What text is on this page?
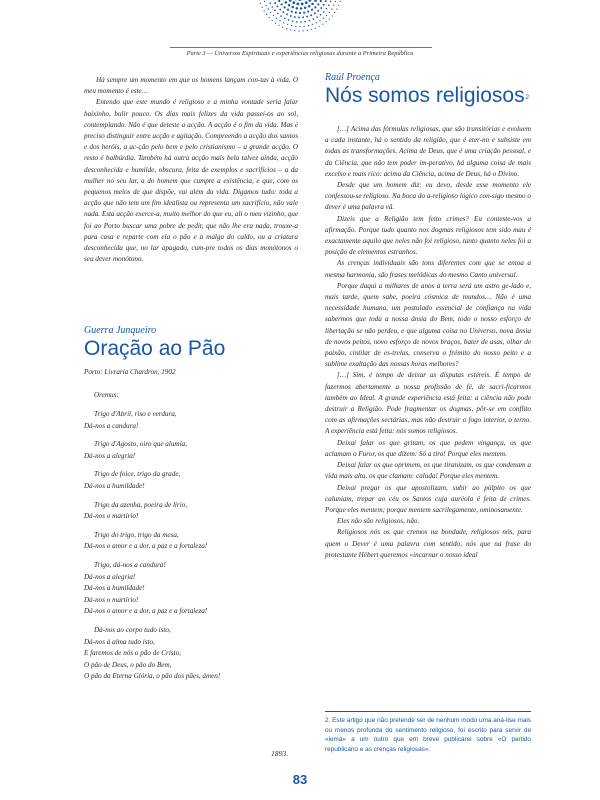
Parte 3 — Universos Espirituais e experiências religiosas durante a Primeira República

Há sempre um momento em que os homens lançam con-tas à vida. O meu momento é este…

Entendo que este mundo é religioso e a minha vontade seria falar baixinho, bulir pouco. Os dias mais felizes da vida passei-os ao sol, contemplando. Não é que deteste a acção. A acção é o fim da vida. Mas é preciso distinguir entre acção e agitação. Compreendo a acção dos santos e dos heróis, a ac-ção pelo bem e pelo cristianismo – a grande acção. O resto é balbúrdia. Também há outra acção mais bela talvez ainda, acção desconhecida e humilde, obscura, feita de exemplos e sacrifícios – a da mulher no seu lar, a do homem que cumpre a existência, e que, com os pequenos meios de que dispõe, vai além da vida. Digamos tudo: toda a acção que não tem um fim idealista ou representa um sacrifício, não vale nada. Esta acção exerce-a, muito melhor do que eu, ali o meu vizinho, que foi ao Porto buscar uma pobre de pedir, que não lhe era nada, trouxe-a para casa e reparte com ela o pão e a malga do caldo, ou a criatura desconhecida que, no lar apagado, cum-pre todos os dias monótonos o seu dever monótono.

Guerra Junqueiro

Oração ao Pão

Porto: Livraria Chardron, 1902

Oremus:
Trigo d'Abril, riso e verdura,
Dá-nos a candura!
Trigo d'Agosto, oiro que alumia,
Dá-nos a alegria!
Trigo de foice, trigo da grade,
Dá-nos a humildade!
Trigo da azenha, poeira de lírio,
Dá-nos o martírio!
Trigo do trigo, trigo da mesa,
Dá-nos o amor e a dor, a paz e a fortaleza!
Trigo, dá-nos a candura!
Dá-nos a alegria!
Dá-nos a humildade!
Dá-nos o martírio!
Dá-nos o amor e a dor, a paz e a fortaleza!
Dá-nos ao corpo tudo isto,
Dá-nos à alma tudo isto,
E faremos de nós o pão de Cristo,
O pão de Deus, o pão do Bem,
O pão da Eterna Glória, o pão dos pães, ámen!
1893.

Raúl Proença

Nós somos religiosos$^2$

[…] Acima das fórmulas religiosas, que são transitórias e evoluem a cada instante, há o sentido da religião, que é eter-no e subsiste em todas as transformações. Acima de Deus, que é uma criação pessoal, e da Ciência, que não tem poder im-perativo, há alguma coisa de mais excelso e mais rico: acima da Ciência, acima de Deus, há o Divino.

Desde que um homem diz: eu devo, desde esse momento ele confessou-se religioso. Na boca do a-religioso lógico con-sigo mesmo o dever é uma palavra vã.

Dizeis que a Religião tem feito crimes? Eu conteste-vos a afirmação. Porque tudo quanto nos dogmas religiosos tem sido mau é exactamente aquilo que neles não foi religioso, tanto quanto neles foi a posição de elementos estranhos.

As crenças individuais são tons diferentes com que se entoa a mesma harmonia, são frases melódicas do mesmo Canto universal.

Porque daqui a milhares de anos a terra será um astro ge-lado e, mais tarde, quem sabe, poeira cósmica de mundos… Não é uma necessidade humana, um postulado essencial de confiança na vida sabermos que toda a nossa ânsia do Bem, todo o nosso esforço de libertação se não perdeu, e que alguma coisa no Universo, nova ânsia de novos peitos, novo esforço de novos braços, bater de asas, olhar de paixão, cintilar de es-trelas, conserva o frémito do nosso peito e a sublime exaltação das nossas horas melhores?

[…] Sim, é tempo de deixar as disputas estéreis. É tempo de fazermos abertamente a nossa profissão de fé, de sacri-ficarmos também ao Ideal. A grande experiência está feita: a ciência não pode destruir a Religião. Pode fragmentar os dogmas, pôr-se em conflito com as afirmações sectárias, mas não destruir o fogo interior, o terno. A experiência está feita: nós somos religiosos.

Deixai falar os que gritam, os que pedem vingança, os que aclamam o Furor, os que dizem: Só a tiro! Porque eles mentem.

Deixai falar os que oprimem, os que tiranizam, os que condenam a vida mais alta, os que clamam: caluda! Porque eles mentem.

Deixai pregar os que apostolizam, subir ao púlpito os que caluniam, trepar ao céu os Santos cuja auréola é feita de crimes. Porque eles mentem; porque mentem sacrilegamente, ominosamente.

Eles não são religiosos, não.

Religiosos nós os que cremos na bondade, religiosos nós, para quem o Dever é uma palavra com sentido, nós que na frase do protestante Hébert queremos «incarnar o nosso ideal

2. Este artigo que não pretende ser de nenhum modo uma aná-lise mais ou menos profunda do sentimento religioso, foi escrito para servir de «lema» a um outro que em breve publicarei sobre «O partido republicano e as crenças religiosas».
83
